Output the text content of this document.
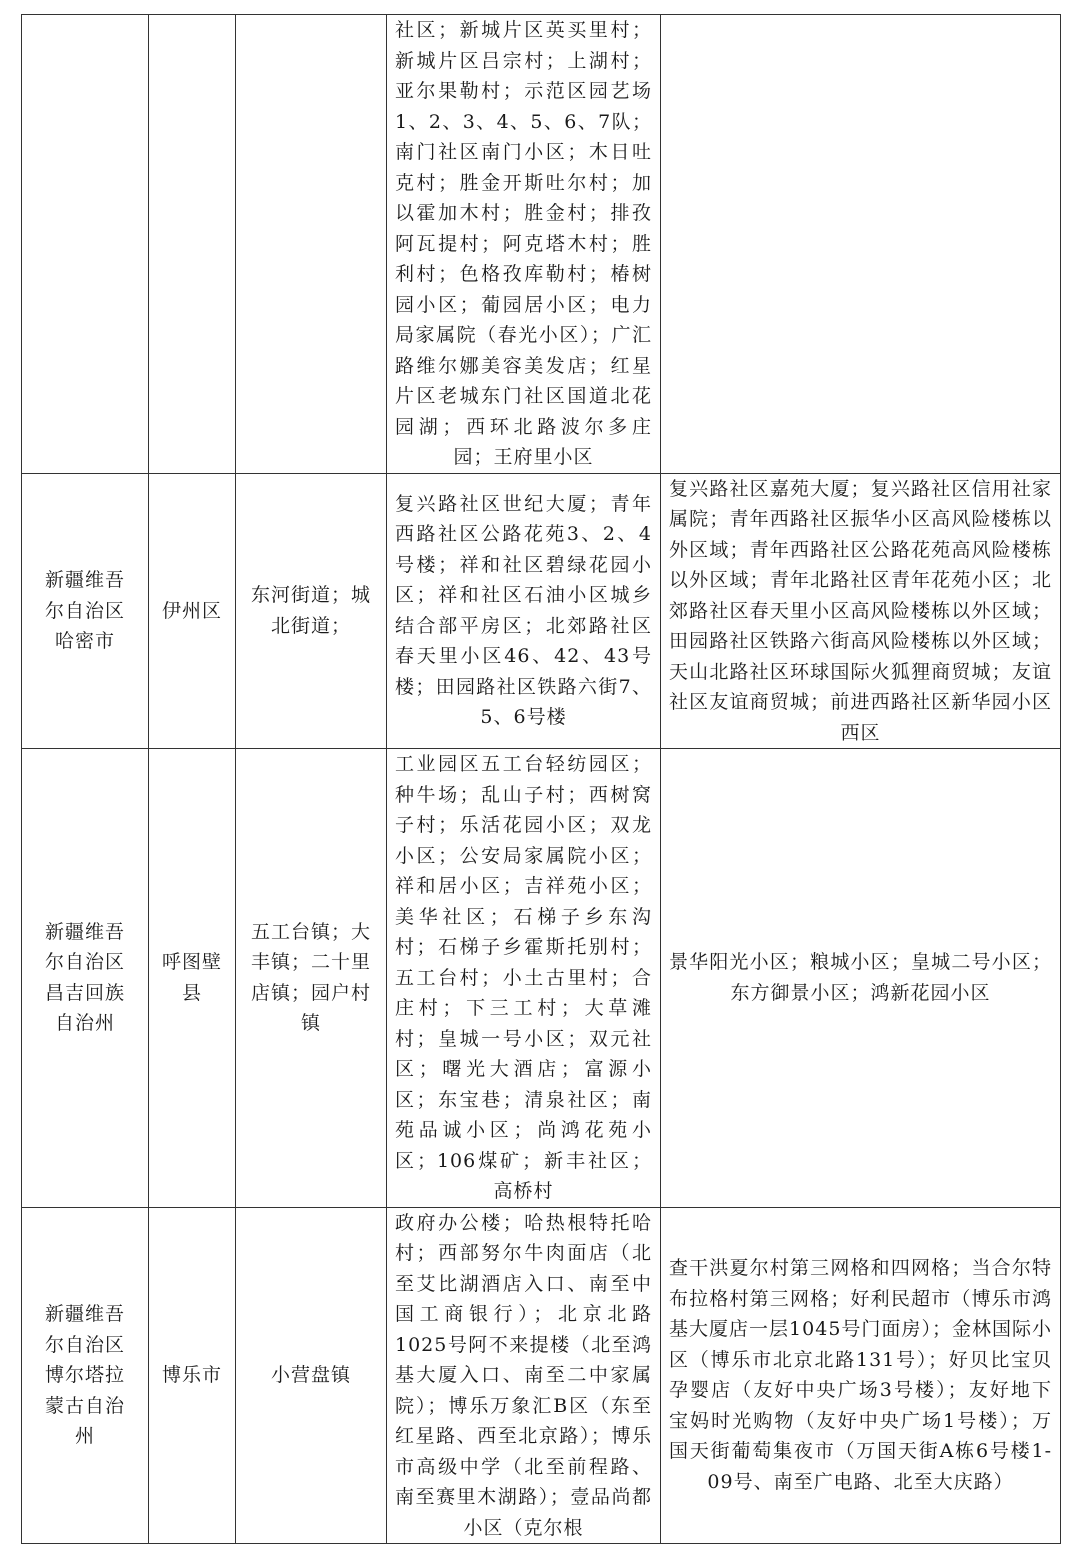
			社区；新城片区英买里村；新城片区吕宗村；上湖村；亚尔果勒村；示范区园艺场1、2、3、4、5、6、7队；南门社区南门小区；木日吐克村；胜金开斯吐尔村；加以霍加木村；胜金村；排孜阿瓦提村；阿克塔木村；胜利村；色格孜库勒村；椿树园小区；葡园居小区；电力局家属院（春光小区）；广汇路维尔娜美容美发店；红星片区老城东门社区国道北花园湖；西环北路波尔多庄园；王府里小区	
新疆维吾尔自治区哈密市	伊州区	东河街道；城北街道；	复兴路社区世纪大厦；青年西路社区公路花苑3、2、4号楼；祥和社区碧绿花园小区；祥和社区石油小区城乡结合部平房区；北郊路社区春天里小区46、42、43号楼；田园路社区铁路六街7、5、6号楼	复兴路社区嘉苑大厦；复兴路社区信用社家属院；青年西路社区振华小区高风险楼栋以外区域；青年西路社区公路花苑高风险楼栋以外区域；青年北路社区青年花苑小区；北郊路社区春天里小区高风险楼栋以外区域；田园路社区铁路六街高风险楼栋以外区域；天山北路社区环球国际火狐狸商贸城；友谊社区友谊商贸城；前进西路社区新华园小区西区
新疆维吾尔自治区昌吉回族自治州	呼图壁县	五工台镇；大丰镇；二十里店镇；园户村镇	工业园区五工台轻纺园区；种牛场；乱山子村；西树窝子村；乐活花园小区；双龙小区；公安局家属院小区；祥和居小区；吉祥苑小区；美华社区；石梯子乡东沟村；石梯子乡霍斯托别村；五工台村；小土古里村；合庄村；下三工村；大草滩村；皇城一号小区；双元社区；曙光大酒店；富源小区；东宝巷；清泉社区；南苑品诚小区；尚鸿花苑小区；106煤矿；新丰社区；高桥村	景华阳光小区；粮城小区；皇城二号小区；东方御景小区；鸿新花园小区
新疆维吾尔自治区博尔塔拉蒙古自治州	博乐市	小营盘镇	政府办公楼；哈热根特托哈村；西部努尔牛肉面店（北至艾比湖酒店入口、南至中国工商银行）；北京北路1025号阿不来提楼（北至鸿基大厦入口、南至二中家属院）；博乐万象汇B区（东至红星路、西至北京路）；博乐市高级中学（北至前程路、南至赛里木湖路）；壹品尚都小区（克尔根	查干洪夏尔村第三网格和四网格；当合尔特布拉格村第三网格；好利民超市（博乐市鸿基大厦店一层1045号门面房）；金林国际小区（博乐市北京北路131号）；好贝比宝贝孕婴店（友好中央广场3号楼）；友好地下宝妈时光购物（友好中央广场1号楼）；万国天街葡萄集夜市（万国天街A栋6号楼1-09号、南至广电路、北至大庆路）
